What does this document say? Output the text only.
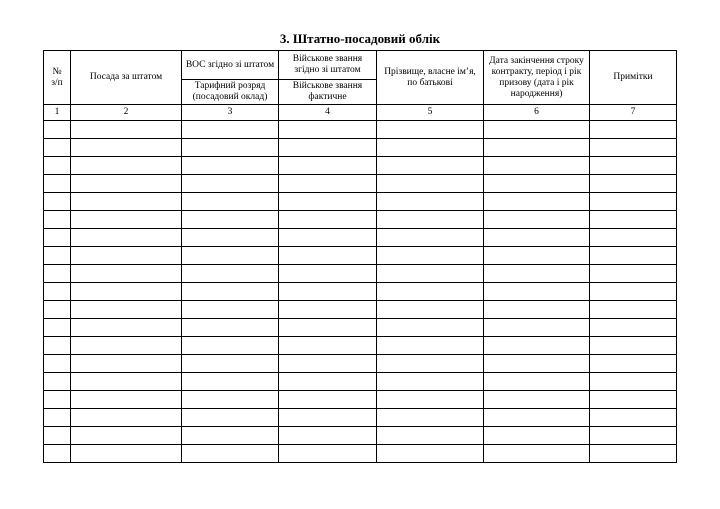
3. Штатно-посадовий облік
№
з/п	Посада за штатом	ВОС згідно зі штатом	Військове звання згідно зі штатом	Прізвище, власне ім’я, по батькові	Дата закінчення строку контракту, період і рік призову (дата і рік народження)	Примітки
		Тарифний розряд (посадовий оклад)	Військове звання фактичне			
1	2	3	4	5	6	7
